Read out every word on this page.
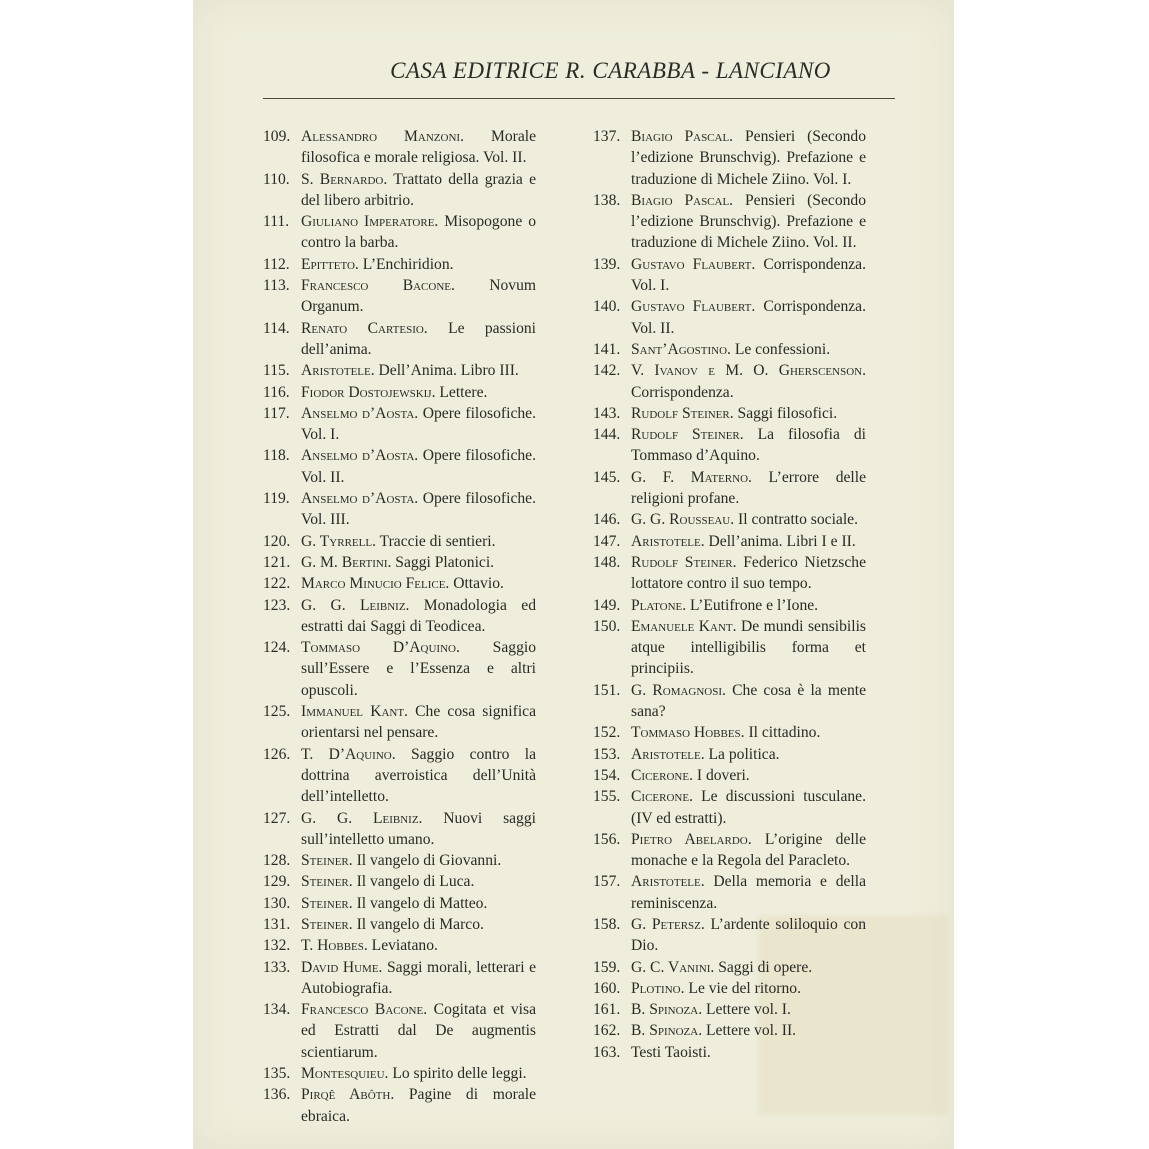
CASA EDITRICE R. CARABBA - LANCIANO
109. Alessandro Manzoni. Morale filosofica e morale religiosa. Vol. II.
110. S. Bernardo. Trattato della grazia e del libero arbitrio.
111. Giuliano Imperatore. Misopogone o contro la barba.
112. Epitteto. L’Enchiridion.
113. Francesco Bacone. Novum Organum.
114. Renato Cartesio. Le passioni dell’anima.
115. Aristotele. Dell’Anima. Libro III.
116. Fiodor Dostojewskij. Lettere.
117. Anselmo d’Aosta. Opere filosofiche. Vol. I.
118. Anselmo d’Aosta. Opere filosofiche. Vol. II.
119. Anselmo d’Aosta. Opere filosofiche. Vol. III.
120. G. Tyrrell. Traccie di sentieri.
121. G. M. Bertini. Saggi Platonici.
122. Marco Minucio Felice. Ottavio.
123. G. G. Leibniz. Monadologia ed estratti dai Saggi di Teodicea.
124. Tommaso D’Aquino. Saggio sull’Essere e l’Essenza e altri opuscoli.
125. Immanuel Kant. Che cosa significa orientarsi nel pensare.
126. T. D’Aquino. Saggio contro la dottrina averroistica dell’Unità dell’intelletto.
127. G. G. Leibniz. Nuovi saggi sull’intelletto umano.
128. Steiner. Il vangelo di Giovanni.
129. Steiner. Il vangelo di Luca.
130. Steiner. Il vangelo di Matteo.
131. Steiner. Il vangelo di Marco.
132. T. Hobbes. Leviatano.
133. David Hume. Saggi morali, letterari e Autobiografia.
134. Francesco Bacone. Cogitata et visa ed Estratti dal De augmentis scientiarum.
135. Montesquieu. Lo spirito delle leggi.
136. Pirqê Abôth. Pagine di morale ebraica.
137. Biagio Pascal. Pensieri (Secondo l’edizione Brunschvig). Prefazione e traduzione di Michele Ziino. Vol. I.
138. Biagio Pascal. Pensieri (Secondo l’edizione Brunschvig). Prefazione e traduzione di Michele Ziino. Vol. II.
139. Gustavo Flaubert. Corrispondenza. Vol. I.
140. Gustavo Flaubert. Corrispondenza. Vol. II.
141. Sant’Agostino. Le confessioni.
142. V. Ivanov e M. O. Gherscenson. Corrispondenza.
143. Rudolf Steiner. Saggi filosofici.
144. Rudolf Steiner. La filosofia di Tommaso d’Aquino.
145. G. F. Materno. L’errore delle religioni profane.
146. G. G. Rousseau. Il contratto sociale.
147. Aristotele. Dell’anima. Libri I e II.
148. Rudolf Steiner. Federico Nietzsche lottatore contro il suo tempo.
149. Platone. L’Eutifrone e l’Ione.
150. Emanuele Kant. De mundi sensibilis atque intelligibilis forma et principiis.
151. G. Romagnosi. Che cosa è la mente sana?
152. Tommaso Hobbes. Il cittadino.
153. Aristotele. La politica.
154. Cicerone. I doveri.
155. Cicerone. Le discussioni tusculane. (IV ed estratti).
156. Pietro Abelardo. L’origine delle monache e la Regola del Paracleto.
157. Aristotele. Della memoria e della reminiscenza.
158. G. Petersz. L’ardente soliloquio con Dio.
159. G. C. Vanini. Saggi di opere.
160. Plotino. Le vie del ritorno.
161. B. Spinoza. Lettere vol. I.
162. B. Spinoza. Lettere vol. II.
163. Testi Taoisti.
